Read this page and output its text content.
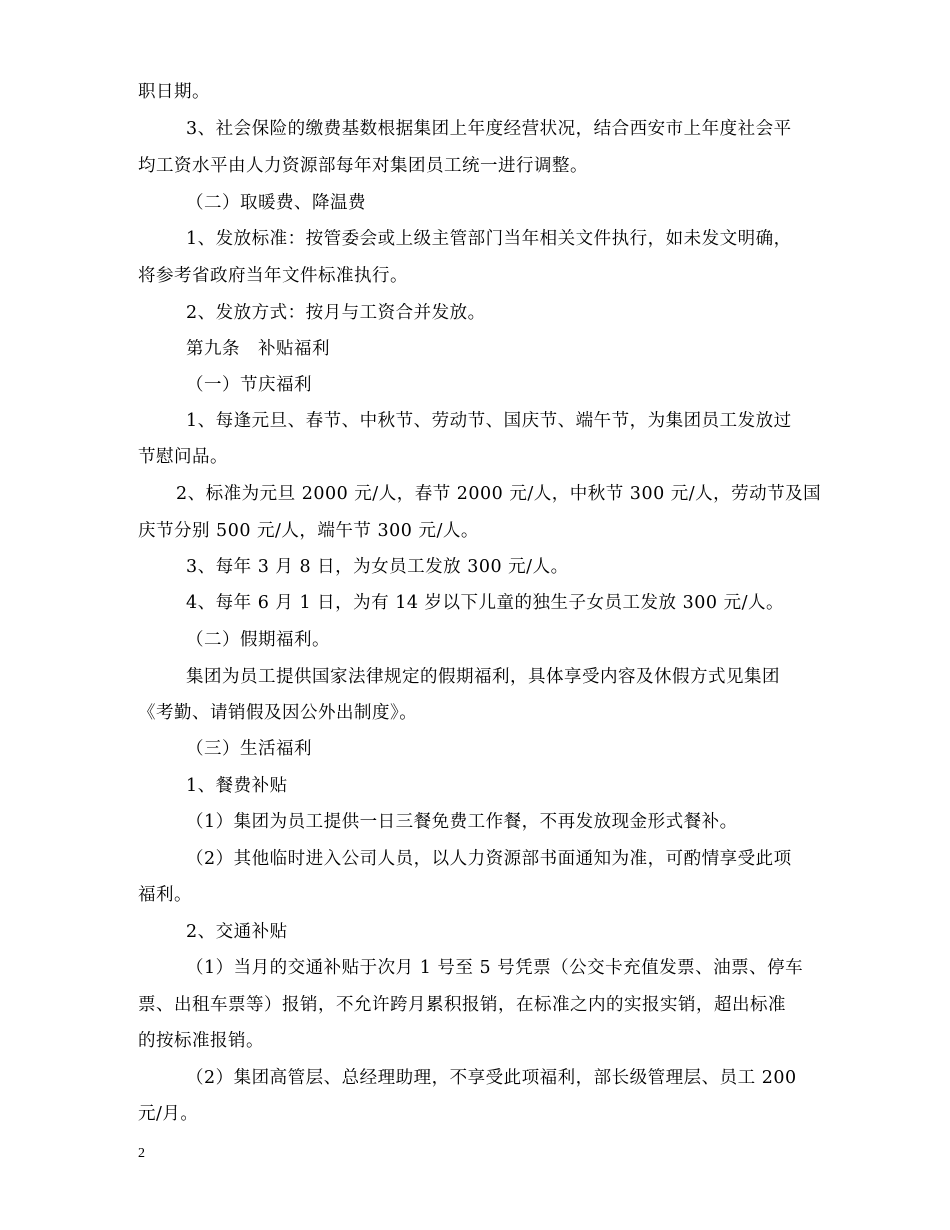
职日期。
3、社会保险的缴费基数根据集团上年度经营状况，结合西安市上年度社会平
均工资水平由人力资源部每年对集团员工统一进行调整。
（二）取暖费、降温费
1、发放标准：按管委会或上级主管部门当年相关文件执行，如未发文明确，
将参考省政府当年文件标准执行。
2、发放方式：按月与工资合并发放。
第九条　补贴福利
（一）节庆福利
1、每逢元旦、春节、中秋节、劳动节、国庆节、端午节，为集团员工发放过
节慰问品。
2、标准为元旦 2000 元/人，春节 2000 元/人，中秋节 300 元/人，劳动节及国
庆节分别 500 元/人，端午节 300 元/人。
3、每年 3 月 8 日，为女员工发放 300 元/人。
4、每年 6 月 1 日，为有 14 岁以下儿童的独生子女员工发放 300 元/人。
（二）假期福利。
集团为员工提供国家法律规定的假期福利，具体享受内容及休假方式见集团
《考勤、请销假及因公外出制度》。
（三）生活福利
1、餐费补贴
（1）集团为员工提供一日三餐免费工作餐，不再发放现金形式餐补。
（2）其他临时进入公司人员，以人力资源部书面通知为准，可酌情享受此项
福利。
2、交通补贴
（1）当月的交通补贴于次月 1 号至 5 号凭票（公交卡充值发票、油票、停车
票、出租车票等）报销，不允许跨月累积报销，在标准之内的实报实销，超出标准
的按标准报销。
（2）集团高管层、总经理助理，不享受此项福利，部长级管理层、员工 200
元/月。
2
